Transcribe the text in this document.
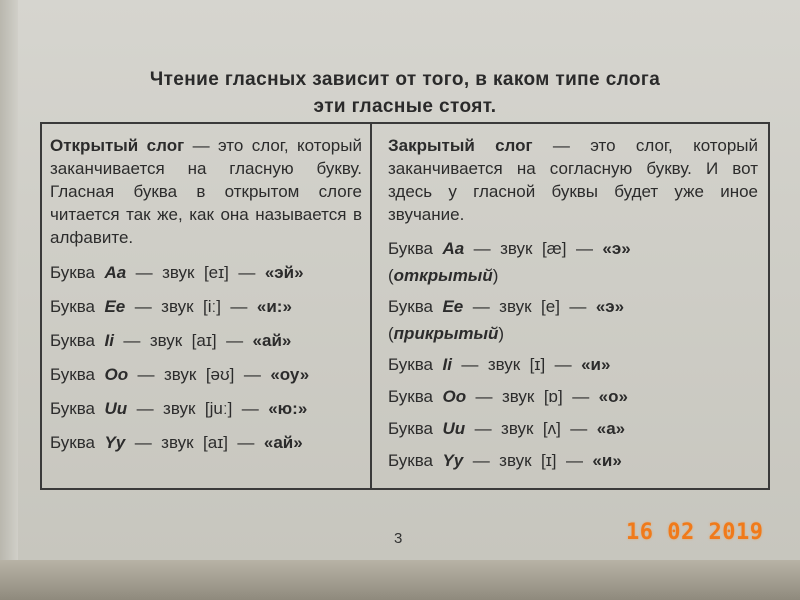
Чтение гласных зависит от того, в каком типе слога
эти гласные стоят.
Открытый слог — это слог, который заканчивается на гласную букву. Гласная буква в открытом слоге читается так же, как она называется в алфавите.
Буква Aa — звук [eɪ] — «эй»
Буква Ee — звук [iː] — «и:»
Буква Ii — звук [aɪ] — «ай»
Буква Oo — звук [əʊ] — «оу»
Буква Uu — звук [juː] — «ю:»
Буква Yy — звук [aɪ] — «ай»
Закрытый слог — это слог, который заканчивается на согласную букву. И вот здесь у гласной буквы будет уже иное звучание.
Буква Aa — звук [æ] — «э»
(открытый)
Буква Ee — звук [e] — «э»
(прикрытый)
Буква Ii — звук [ɪ] — «и»
Буква Oo — звук [ɒ] — «о»
Буква Uu — звук [ʌ] — «а»
Буква Yy — звук [ɪ] — «и»
3	16 02 2019
